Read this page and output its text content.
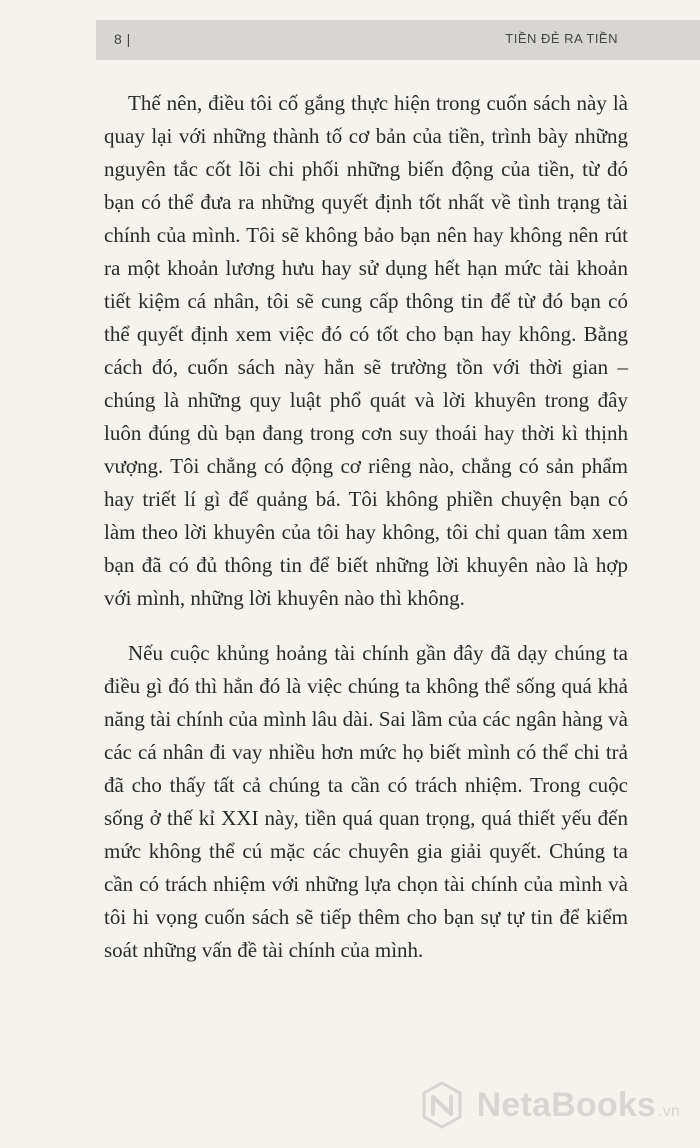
8 |	TIỀN ĐẺ RA TIỀN

Thế nên, điều tôi cố gắng thực hiện trong cuốn sách này là quay lại với những thành tố cơ bản của tiền, trình bày những nguyên tắc cốt lõi chi phối những biến động của tiền, từ đó bạn có thể đưa ra những quyết định tốt nhất về tình trạng tài chính của mình. Tôi sẽ không bảo bạn nên hay không nên rút ra một khoản lương hưu hay sử dụng hết hạn mức tài khoản tiết kiệm cá nhân, tôi sẽ cung cấp thông tin để từ đó bạn có thể quyết định xem việc đó có tốt cho bạn hay không. Bằng cách đó, cuốn sách này hẳn sẽ trường tồn với thời gian – chúng là những quy luật phổ quát và lời khuyên trong đây luôn đúng dù bạn đang trong cơn suy thoái hay thời kì thịnh vượng. Tôi chẳng có động cơ riêng nào, chẳng có sản phẩm hay triết lí gì để quảng bá. Tôi không phiền chuyện bạn có làm theo lời khuyên của tôi hay không, tôi chỉ quan tâm xem bạn đã có đủ thông tin để biết những lời khuyên nào là hợp với mình, những lời khuyên nào thì không.

Nếu cuộc khủng hoảng tài chính gần đây đã dạy chúng ta điều gì đó thì hẳn đó là việc chúng ta không thể sống quá khả năng tài chính của mình lâu dài. Sai lầm của các ngân hàng và các cá nhân đi vay nhiều hơn mức họ biết mình có thể chi trả đã cho thấy tất cả chúng ta cần có trách nhiệm. Trong cuộc sống ở thế kỉ XXI này, tiền quá quan trọng, quá thiết yếu đến mức không thể cú mặc các chuyên gia giải quyết. Chúng ta cần có trách nhiệm với những lựa chọn tài chính của mình và tôi hi vọng cuốn sách sẽ tiếp thêm cho bạn sự tự tin để kiểm soát những vấn đề tài chính của mình.

NetaBooks .vn
